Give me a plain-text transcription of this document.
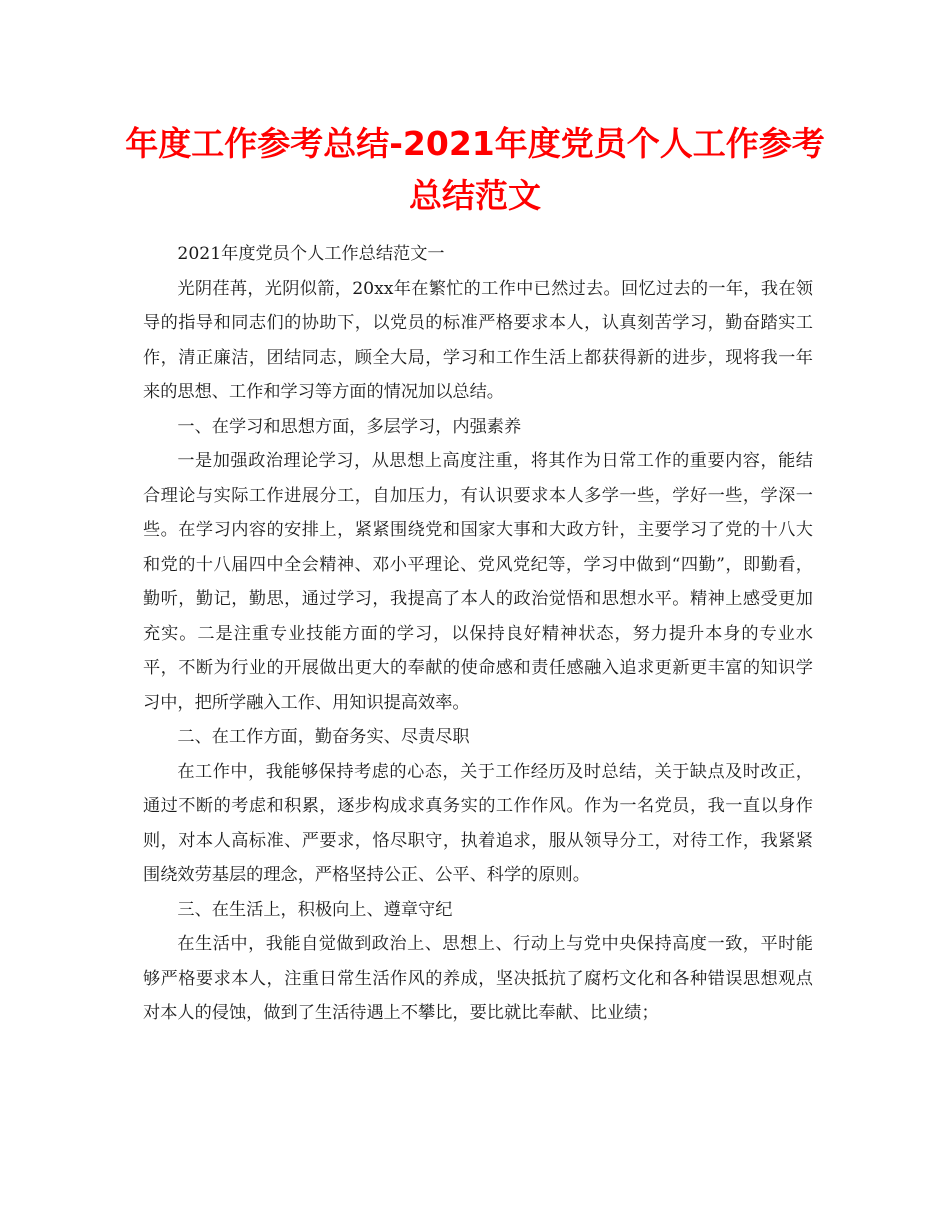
年度工作参考总结-2021年度党员个人工作参考总结范文

2021年度党员个人工作总结范文一

光阴荏苒，光阴似箭，20xx年在繁忙的工作中已然过去。回忆过去的一年，我在领导的指导和同志们的协助下，以党员的标准严格要求本人，认真刻苦学习，勤奋踏实工作，清正廉洁，团结同志，顾全大局，学习和工作生活上都获得新的进步，现将我一年来的思想、工作和学习等方面的情况加以总结。

一、在学习和思想方面，多层学习，内强素养

一是加强政治理论学习，从思想上高度注重，将其作为日常工作的重要内容，能结合理论与实际工作进展分工，自加压力，有认识要求本人多学一些，学好一些，学深一些。在学习内容的安排上，紧紧围绕党和国家大事和大政方针，主要学习了党的十八大和党的十八届四中全会精神、邓小平理论、党风党纪等，学习中做到“四勤”，即勤看，勤听，勤记，勤思，通过学习，我提高了本人的政治觉悟和思想水平。精神上感受更加充实。二是注重专业技能方面的学习，以保持良好精神状态，努力提升本身的专业水平，不断为行业的开展做出更大的奉献的使命感和责任感融入追求更新更丰富的知识学习中，把所学融入工作、用知识提高效率。

二、在工作方面，勤奋务实、尽责尽职

在工作中，我能够保持考虑的心态，关于工作经历及时总结，关于缺点及时改正，通过不断的考虑和积累，逐步构成求真务实的工作作风。作为一名党员，我一直以身作则，对本人高标准、严要求，恪尽职守，执着追求，服从领导分工，对待工作，我紧紧围绕效劳基层的理念，严格坚持公正、公平、科学的原则。

三、在生活上，积极向上、遵章守纪

在生活中，我能自觉做到政治上、思想上、行动上与党中央保持高度一致，平时能够严格要求本人，注重日常生活作风的养成，坚决抵抗了腐朽文化和各种错误思想观点对本人的侵蚀，做到了生活待遇上不攀比，要比就比奉献、比业绩；
